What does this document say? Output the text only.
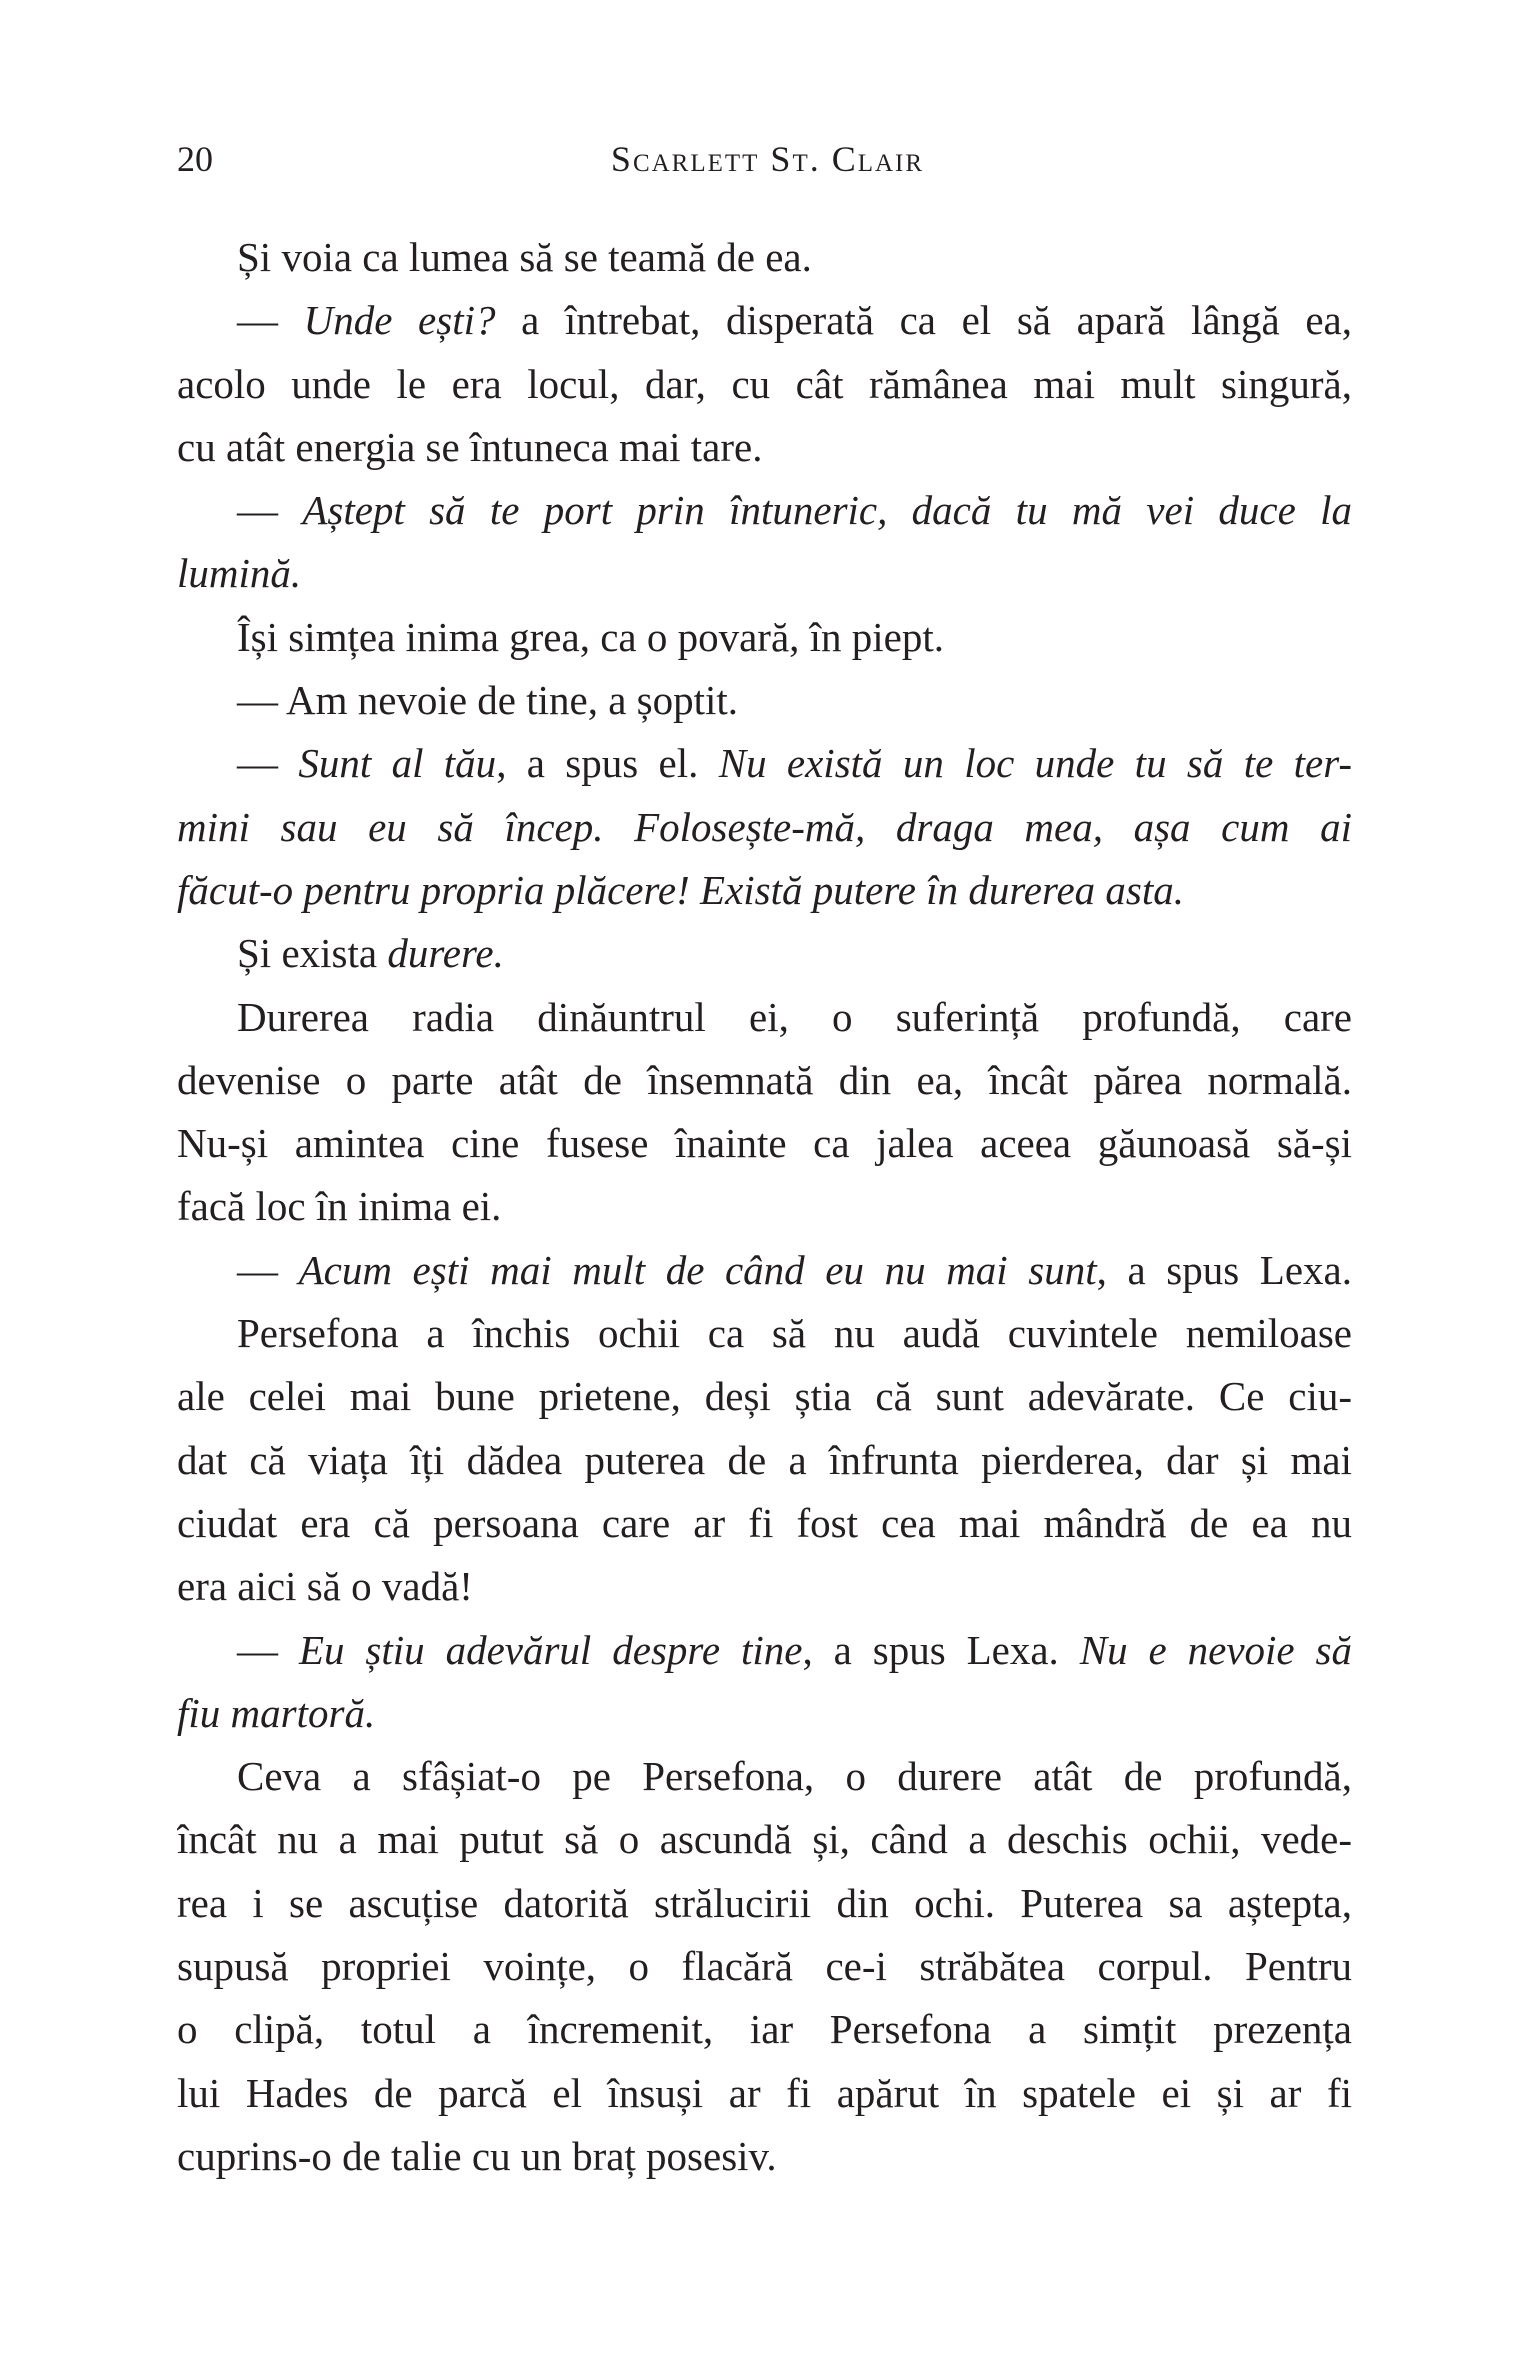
20	Scarlett St. Clair
Și voia ca lumea să se teamă de ea.
— Unde ești? a întrebat, disperată ca el să apară lângă ea,
acolo unde le era locul, dar, cu cât rămânea mai mult singură,
cu atât energia se întuneca mai tare.
— Aștept să te port prin întuneric, dacă tu mă vei duce la
lumină.
Își simțea inima grea, ca o povară, în piept.
— Am nevoie de tine, a șoptit.
— Sunt al tău, a spus el. Nu există un loc unde tu să te ter-
mini sau eu să încep. Folosește-mă, draga mea, așa cum ai
făcut-o pentru propria plăcere! Există putere în durerea asta.
Și exista durere.
Durerea radia dinăuntrul ei, o suferință profundă, care
devenise o parte atât de însemnată din ea, încât părea normală.
Nu-și amintea cine fusese înainte ca jalea aceea găunoasă să-și
facă loc în inima ei.
— Acum ești mai mult de când eu nu mai sunt, a spus Lexa.
Persefona a închis ochii ca să nu audă cuvintele nemiloase
ale celei mai bune prietene, deși știa că sunt adevărate. Ce ciu-
dat că viața îți dădea puterea de a înfrunta pierderea, dar și mai
ciudat era că persoana care ar fi fost cea mai mândră de ea nu
era aici să o vadă!
— Eu știu adevărul despre tine, a spus Lexa. Nu e nevoie să
fiu martoră.
Ceva a sfâșiat-o pe Persefona, o durere atât de profundă,
încât nu a mai putut să o ascundă și, când a deschis ochii, vede-
rea i se ascuțise datorită strălucirii din ochi. Puterea sa aștepta,
supusă propriei voințe, o flacără ce-i străbătea corpul. Pentru
o clipă, totul a încremenit, iar Persefona a simțit prezența
lui Hades de parcă el însuși ar fi apărut în spatele ei și ar fi
cuprins-o de talie cu un braț posesiv.
